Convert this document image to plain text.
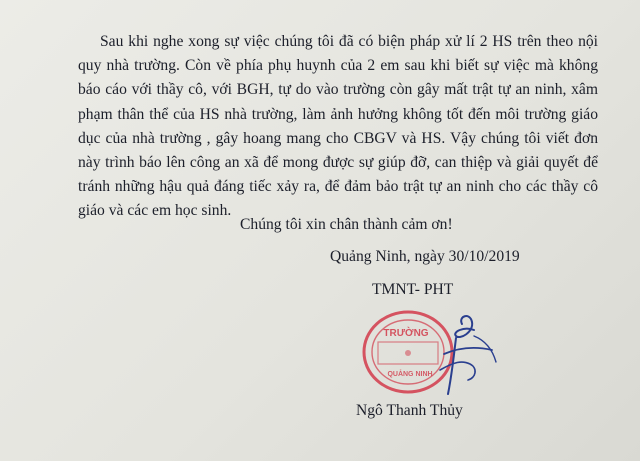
Sau khi nghe xong sự việc chúng tôi đã có biện pháp xử lí 2 HS trên theo nội quy nhà trường. Còn về phía phụ huynh của 2 em sau khi biết sự việc mà không báo cáo với thầy cô, với BGH, tự do vào trường còn gây mất trật tự an ninh, xâm phạm thân thể của HS nhà trường, làm ảnh hưởng không tốt đến môi trường giáo dục của nhà trường , gây hoang mang cho CBGV và HS. Vậy chúng tôi viết đơn này trình báo lên công an xã để mong được sự giúp đỡ, can thiệp và giải quyết để tránh những hậu quả đáng tiếc xảy ra, để đảm bảo trật tự an ninh cho các thầy cô giáo và các em học sinh.

Chúng tôi xin chân thành cảm ơn!

Quảng Ninh, ngày 30/10/2019

TMNT- PHT

TRƯỜNG
QUẢNG NINH

Ngô Thanh Thủy
